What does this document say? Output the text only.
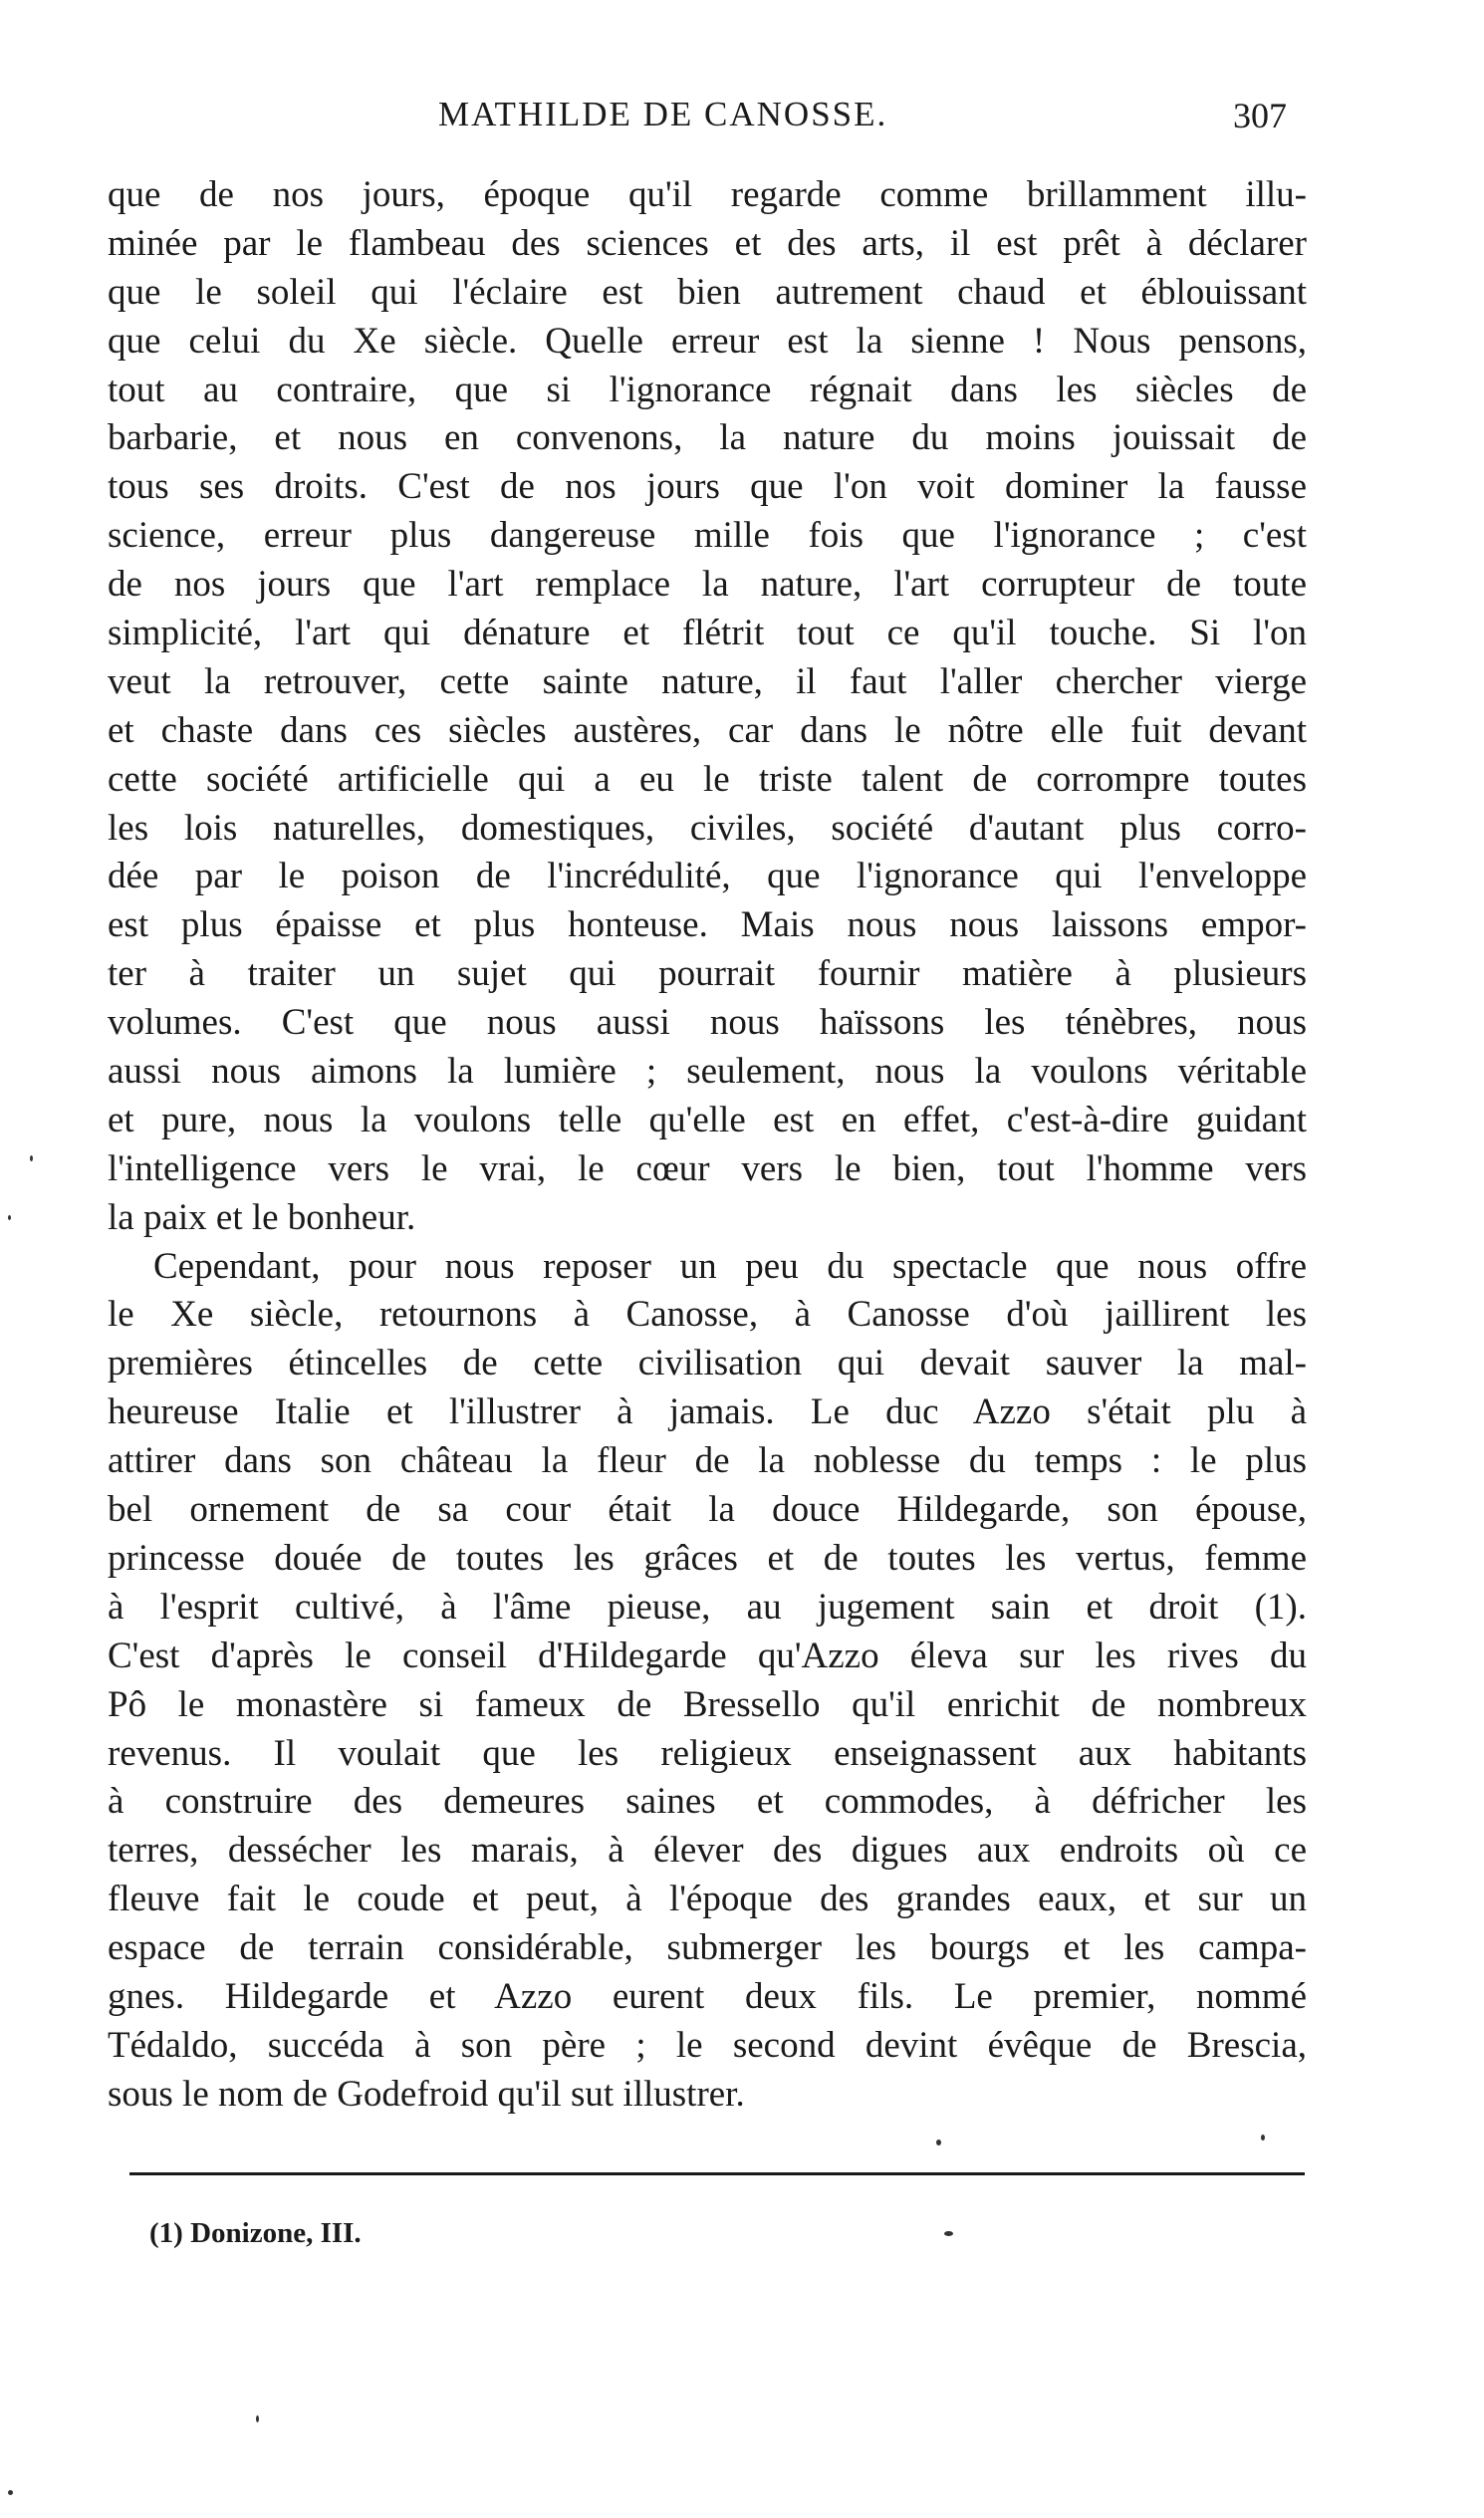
MATHILDE DE CANOSSE.	307
que de nos jours, époque qu'il regarde comme brillamment illu-
minée par le flambeau des sciences et des arts, il est prêt à déclarer
que le soleil qui l'éclaire est bien autrement chaud et éblouissant
que celui du Xe siècle. Quelle erreur est la sienne ! Nous pensons,
tout au contraire, que si l'ignorance régnait dans les siècles de
barbarie, et nous en convenons, la nature du moins jouissait de
tous ses droits. C'est de nos jours que l'on voit dominer la fausse
science, erreur plus dangereuse mille fois que l'ignorance ; c'est
de nos jours que l'art remplace la nature, l'art corrupteur de toute
simplicité, l'art qui dénature et flétrit tout ce qu'il touche. Si l'on
veut la retrouver, cette sainte nature, il faut l'aller chercher vierge
et chaste dans ces siècles austères, car dans le nôtre elle fuit devant
cette société artificielle qui a eu le triste talent de corrompre toutes
les lois naturelles, domestiques, civiles, société d'autant plus corro-
dée par le poison de l'incrédulité, que l'ignorance qui l'enveloppe
est plus épaisse et plus honteuse. Mais nous nous laissons empor-
ter à traiter un sujet qui pourrait fournir matière à plusieurs
volumes. C'est que nous aussi nous haïssons les ténèbres, nous
aussi nous aimons la lumière ; seulement, nous la voulons véritable
et pure, nous la voulons telle qu'elle est en effet, c'est-à-dire guidant
l'intelligence vers le vrai, le cœur vers le bien, tout l'homme vers
la paix et le bonheur.
Cependant, pour nous reposer un peu du spectacle que nous offre
le Xe siècle, retournons à Canosse, à Canosse d'où jaillirent les
premières étincelles de cette civilisation qui devait sauver la mal-
heureuse Italie et l'illustrer à jamais. Le duc Azzo s'était plu à
attirer dans son château la fleur de la noblesse du temps : le plus
bel ornement de sa cour était la douce Hildegarde, son épouse,
princesse douée de toutes les grâces et de toutes les vertus, femme
à l'esprit cultivé, à l'âme pieuse, au jugement sain et droit (1).
C'est d'après le conseil d'Hildegarde qu'Azzo éleva sur les rives du
Pô le monastère si fameux de Bressello qu'il enrichit de nombreux
revenus. Il voulait que les religieux enseignassent aux habitants
à construire des demeures saines et commodes, à défricher les
terres, dessécher les marais, à élever des digues aux endroits où ce
fleuve fait le coude et peut, à l'époque des grandes eaux, et sur un
espace de terrain considérable, submerger les bourgs et les campa-
gnes. Hildegarde et Azzo eurent deux fils. Le premier, nommé
Tédaldo, succéda à son père ; le second devint évêque de Brescia,
sous le nom de Godefroid qu'il sut illustrer.
(1) Donizone, III.
